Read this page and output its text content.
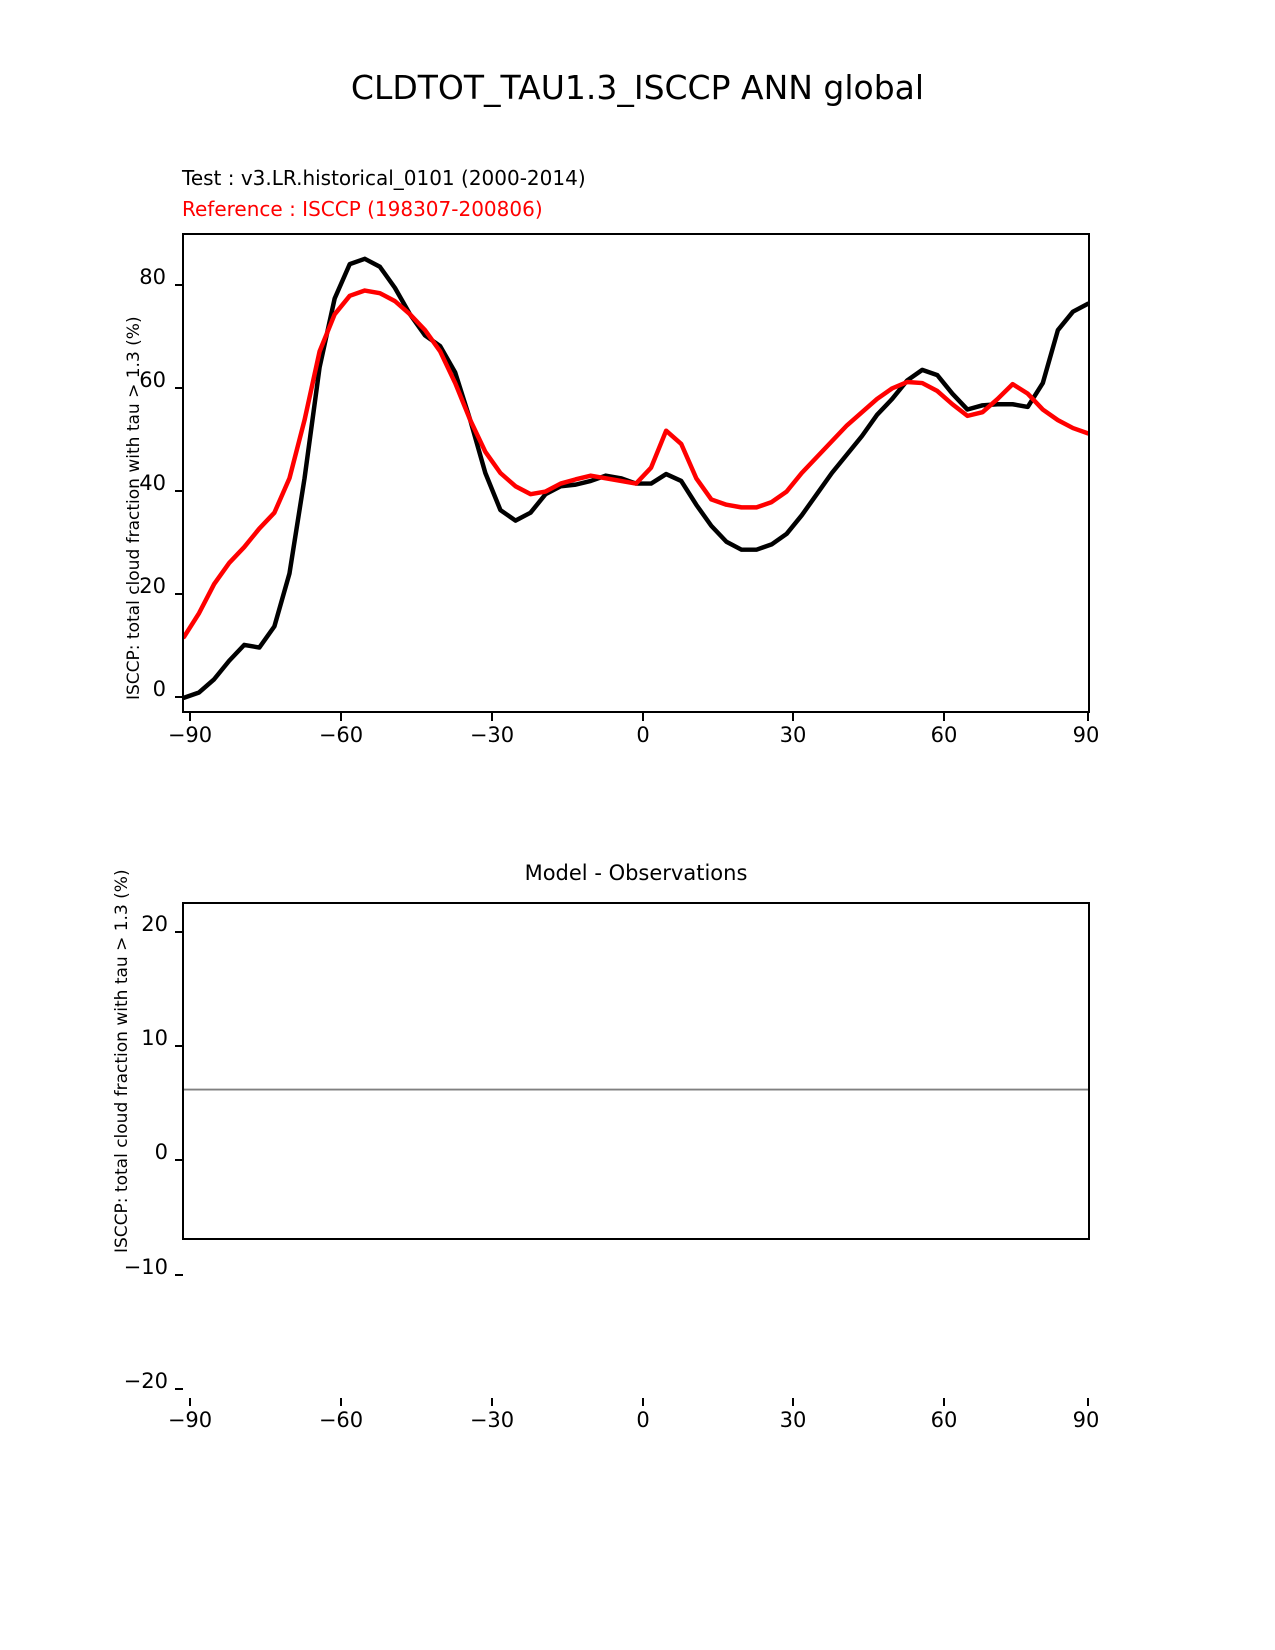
CLDTOT_TAU1.3_ISCCP ANN global
Test : v3.LR.historical_0101 (2000-2014)
Reference : ISCCP (198307-200806)
ISCCP: total cloud fraction with tau > 1.3 (%) 0
20
40
60
80
−90	−60	−30	0	30	60	90
Model - Observations
ISCCP: total cloud fraction with tau > 1.3 (%)
−20
−10
0
10
20
−90	−60	−30	0	30	60	90
